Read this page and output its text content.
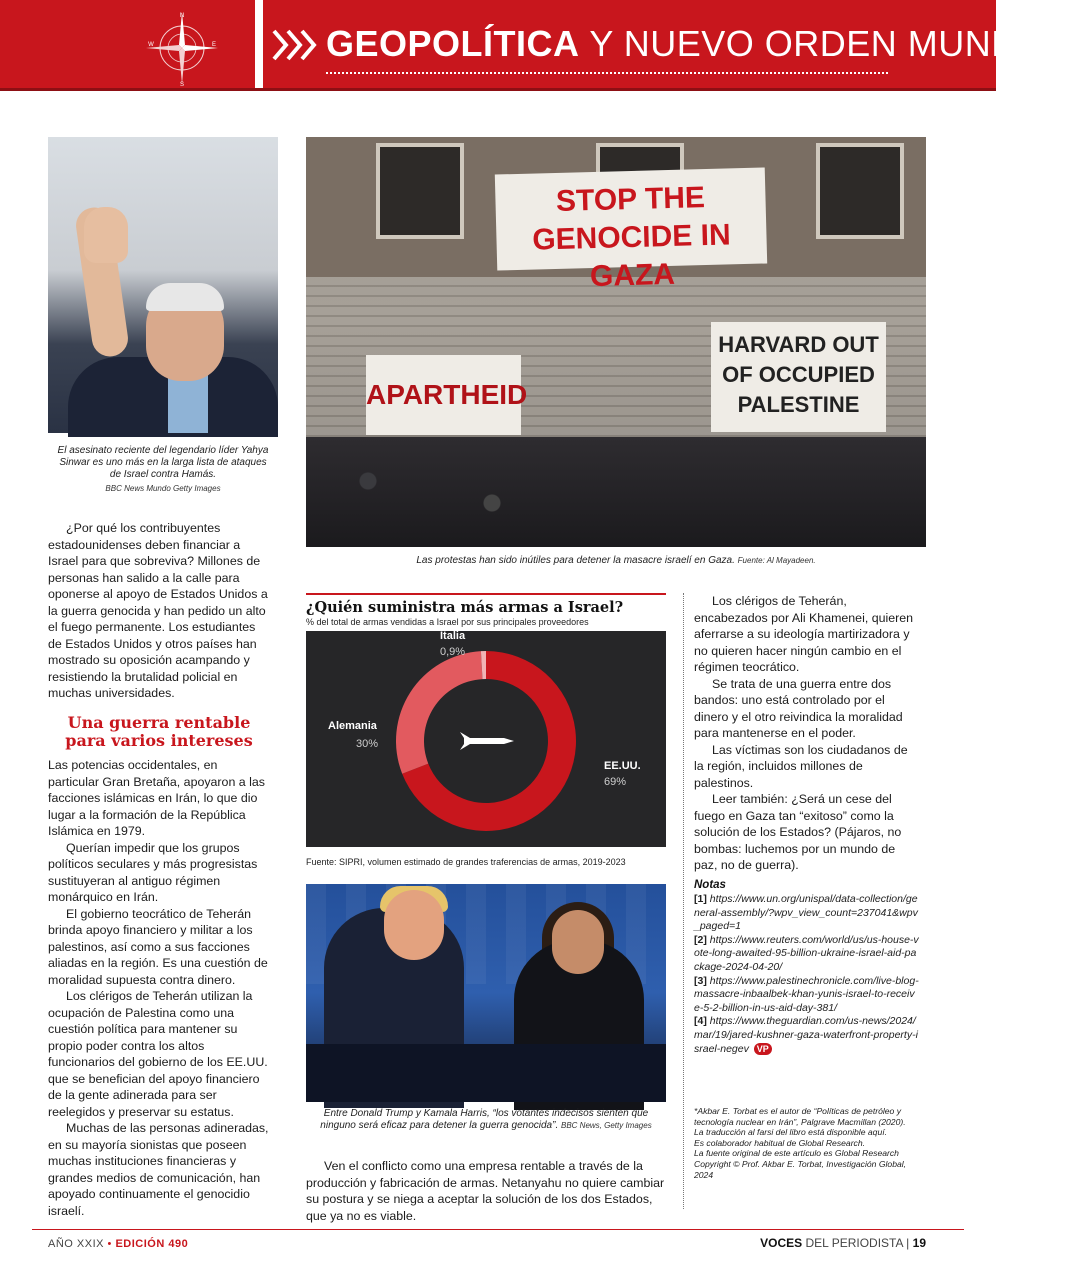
N
E
S
W	GEOPOLÍTICA Y NUEVO ORDEN MUNDIAL
El asesinato reciente del legendario líder Yahya Sinwar es uno más en la larga lista de ataques de Israel contra Hamás.
BBC News Mundo Getty Images
STOP THE GENOCIDE IN GAZA
APARTHEID
HARVARD OUT OF OCCUPIED PALESTINE
Las protestas han sido inútiles para detener la masacre israelí en Gaza. Fuente: Al Mayadeen.

¿Por qué los contribuyentes estadounidenses deben financiar a Israel para que sobreviva? Millones de personas han salido a la calle para oponerse al apoyo de Estados Unidos a la guerra genocida y han pedido un alto el fuego permanente. Los estudiantes de Estados Unidos y otros países han mostrado su oposición acampando y resistiendo la brutalidad policial en muchas universidades.

Una guerra rentable para varios intereses

Las potencias occidentales, en particular Gran Bretaña, apoyaron a las facciones islámicas en Irán, lo que dio lugar a la formación de la República Islámica en 1979.

Querían impedir que los grupos políticos seculares y más progresistas sustituyeran al antiguo régimen monárquico en Irán.

El gobierno teocrático de Teherán brinda apoyo financiero y militar a los palestinos, así como a sus facciones aliadas en la región. Es una cuestión de moralidad supuesta contra dinero.

Los clérigos de Teherán utilizan la ocupación de Palestina como una cuestión política para mantener su propio poder contra los altos funcionarios del gobierno de los EE.UU. que se benefician del apoyo financiero de la gente adinerada para ser reelegidos y preservar su estatus.

Muchas de las personas adineradas, en su mayoría sionistas que poseen muchas instituciones financieras y grandes medios de comunicación, han apoyado continuamente el genocidio israelí.

¿Quién suministra más armas a Israel?
% del total de armas vendidas a Israel por sus principales proveedores
Italia
0,9%
Alemania
30%
EE.UU.
69%
Fuente: SIPRI, volumen estimado de grandes traferencias de armas, 2019-2023
Entre Donald Trump y Kamala Harris, “los votantes indecisos sienten que ninguno será eficaz para detener la guerra genocida”. BBC News, Getty Images

Ven el conflicto como una empresa rentable a través de la producción y fabricación de armas. Netanyahu no quiere cambiar su postura y se niega a aceptar la solución de los dos Estados, que ya no es viable.

Los clérigos de Teherán, encabezados por Ali Khamenei, quieren aferrarse a su ideología martirizadora y no quieren hacer ningún cambio en el régimen teocrático.

Se trata de una guerra entre dos bandos: uno está controlado por el dinero y el otro reivindica la moralidad para mantenerse en el poder.

Las víctimas son los ciudadanos de la región, incluidos millones de palestinos.

Leer también: ¿Será un cese del fuego en Gaza tan “exitoso” como la solución de los Estados? (Pájaros, no bombas: luchemos por un mundo de paz, no de guerra).

Notas
[1] https://www.un.org/unispal/data-collection/general-assembly/?wpv_view_count=237041&wpv_paged=1
[2] https://www.reuters.com/world/us/us-house-vote-long-awaited-95-billion-ukraine-israel-aid-package-2024-04-20/
[3] https://www.palestinechronicle.com/live-blog-massacre-inbaalbek-khan-yunis-israel-to-receive-5-2-billion-in-us-aid-day-381/
[4] https://www.theguardian.com/us-news/2024/mar/19/jared-kushner-gaza-waterfront-property-israel-negev VP
*Akbar E. Torbat es el autor de “Políticas de petróleo y tecnología nuclear en Irán”, Palgrave Macmillan (2020). La traducción al farsi del libro está disponible aquí.
Es colaborador habitual de Global Research.
La fuente original de este artículo es Global Research
Copyright © Prof. Akbar E. Torbat, Investigación Global, 2024
AÑO XXIX • EDICIÓN 490	VOCES DEL PERIODISTA | 19
